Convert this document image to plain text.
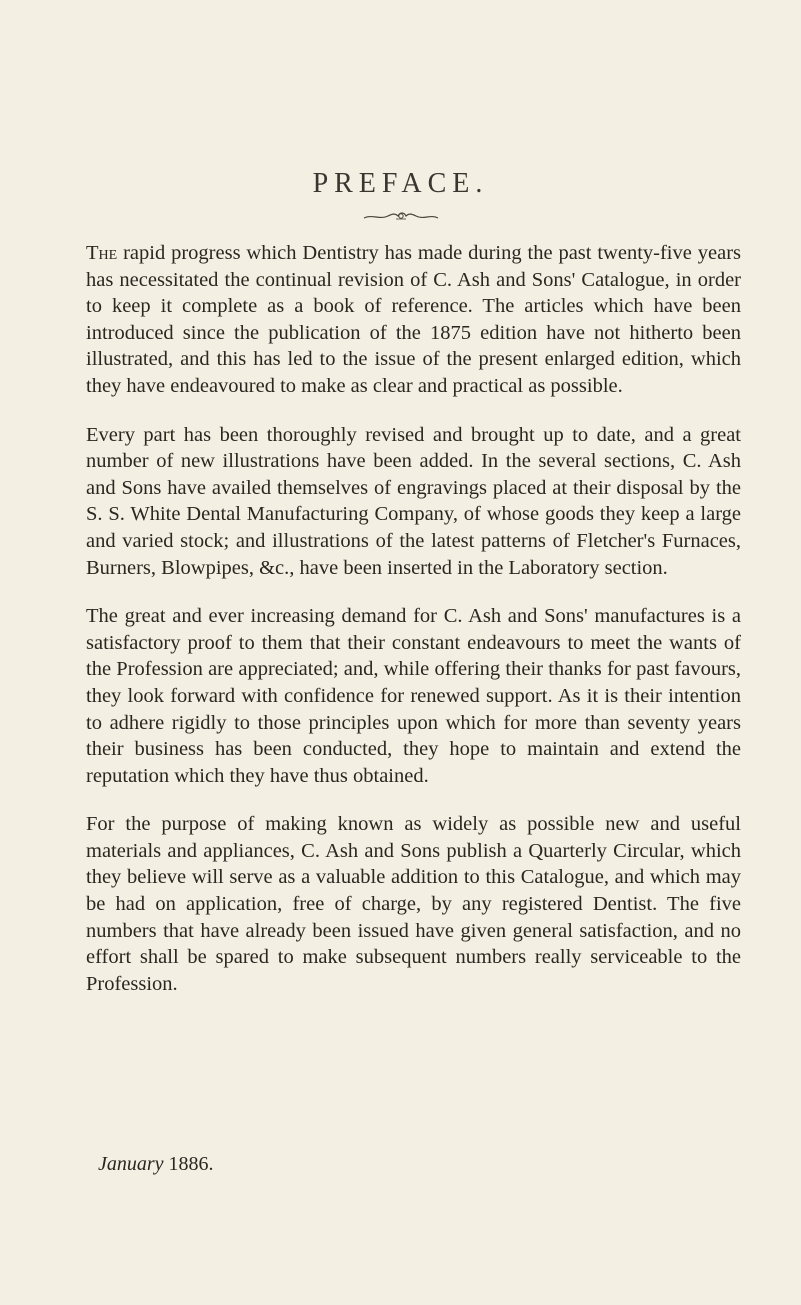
PREFACE.

The rapid progress which Dentistry has made during the past twenty-five years has necessitated the continual revision of C. Ash and Sons' Catalogue, in order to keep it complete as a book of reference. The articles which have been introduced since the publication of the 1875 edition have not hitherto been illustrated, and this has led to the issue of the present enlarged edition, which they have endeavoured to make as clear and practical as possible.

Every part has been thoroughly revised and brought up to date, and a great number of new illustrations have been added. In the several sections, C. Ash and Sons have availed themselves of engravings placed at their disposal by the S. S. White Dental Manufacturing Company, of whose goods they keep a large and varied stock; and illustrations of the latest patterns of Fletcher's Furnaces, Burners, Blowpipes, &c., have been inserted in the Laboratory section.

The great and ever increasing demand for C. Ash and Sons' manufactures is a satisfactory proof to them that their constant endeavours to meet the wants of the Profession are appreciated; and, while offering their thanks for past favours, they look forward with confidence for renewed support. As it is their intention to adhere rigidly to those principles upon which for more than seventy years their business has been conducted, they hope to maintain and extend the reputation which they have thus obtained.

For the purpose of making known as widely as possible new and useful materials and appliances, C. Ash and Sons publish a Quarterly Circular, which they believe will serve as a valuable addition to this Catalogue, and which may be had on application, free of charge, by any registered Dentist. The five numbers that have already been issued have given general satisfaction, and no effort shall be spared to make subsequent numbers really serviceable to the Profession.

January 1886.
